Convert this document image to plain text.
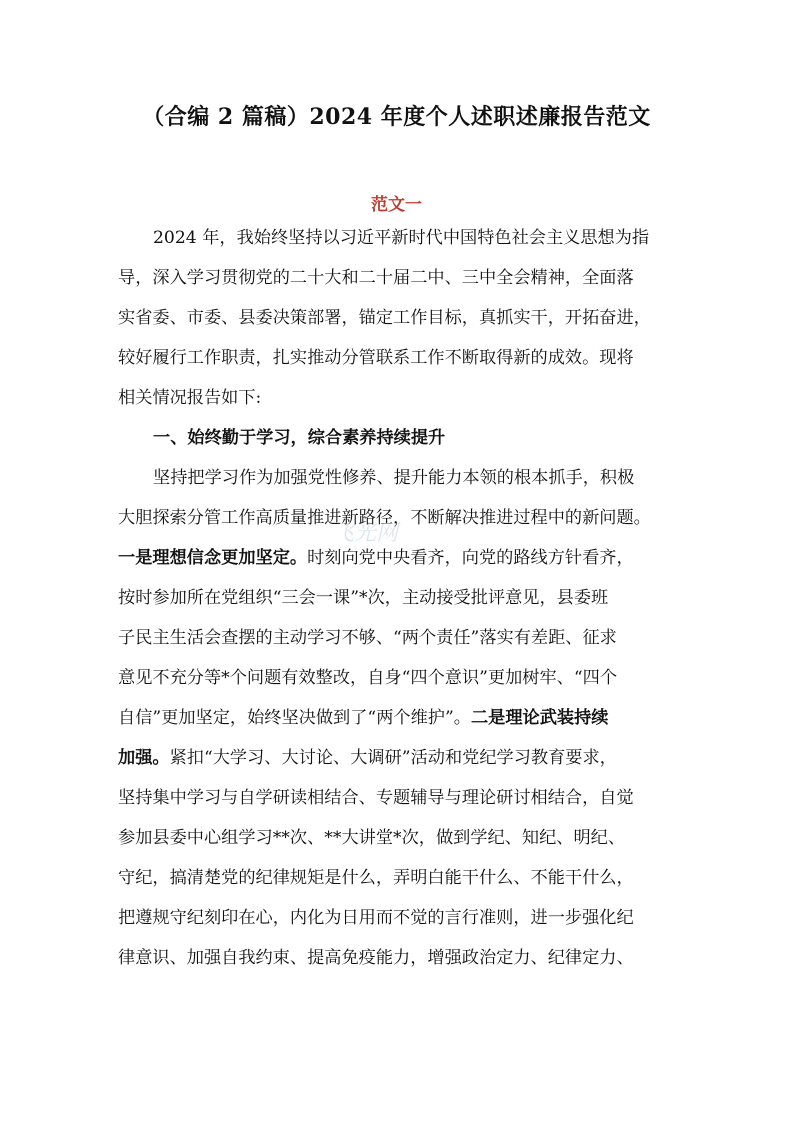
（合编 2 篇稿）2024 年度个人述职述廉报告范文
范文一
2024 年，我始终坚持以习近平新时代中国特色社会主义思想为指
导，深入学习贯彻党的二十大和二十届二中、三中全会精神，全面落
实省委、市委、县委决策部署，锚定工作目标，真抓实干，开拓奋进，
较好履行工作职责，扎实推动分管联系工作不断取得新的成效。现将
相关情况报告如下:
一、始终勤于学习，综合素养持续提升
坚持把学习作为加强党性修养、提升能力本领的根本抓手，积极
大胆探索分管工作高质量推进新路径，不断解决推进过程中的新问题。
一是理想信念更加坚定。时刻向党中央看齐，向党的路线方针看齐，
按时参加所在党组织“三会一课”*次，主动接受批评意见，县委班
子民主生活会查摆的主动学习不够、“两个责任”落实有差距、征求
意见不充分等*个问题有效整改，自身“四个意识”更加树牢、“四个
自信”更加坚定，始终坚决做到了“两个维护”。二是理论武装持续
加强。紧扣“大学习、大讨论、大调研”活动和党纪学习教育要求，
坚持集中学习与自学研读相结合、专题辅导与理论研讨相结合，自觉
参加县委中心组学习**次、**大讲堂*次，做到学纪、知纪、明纪、
守纪，搞清楚党的纪律规矩是什么，弄明白能干什么、不能干什么，
把遵规守纪刻印在心，内化为日用而不觉的言行准则，进一步强化纪
律意识、加强自我约束、提高免疫能力，增强政治定力、纪律定力、
飞光网
